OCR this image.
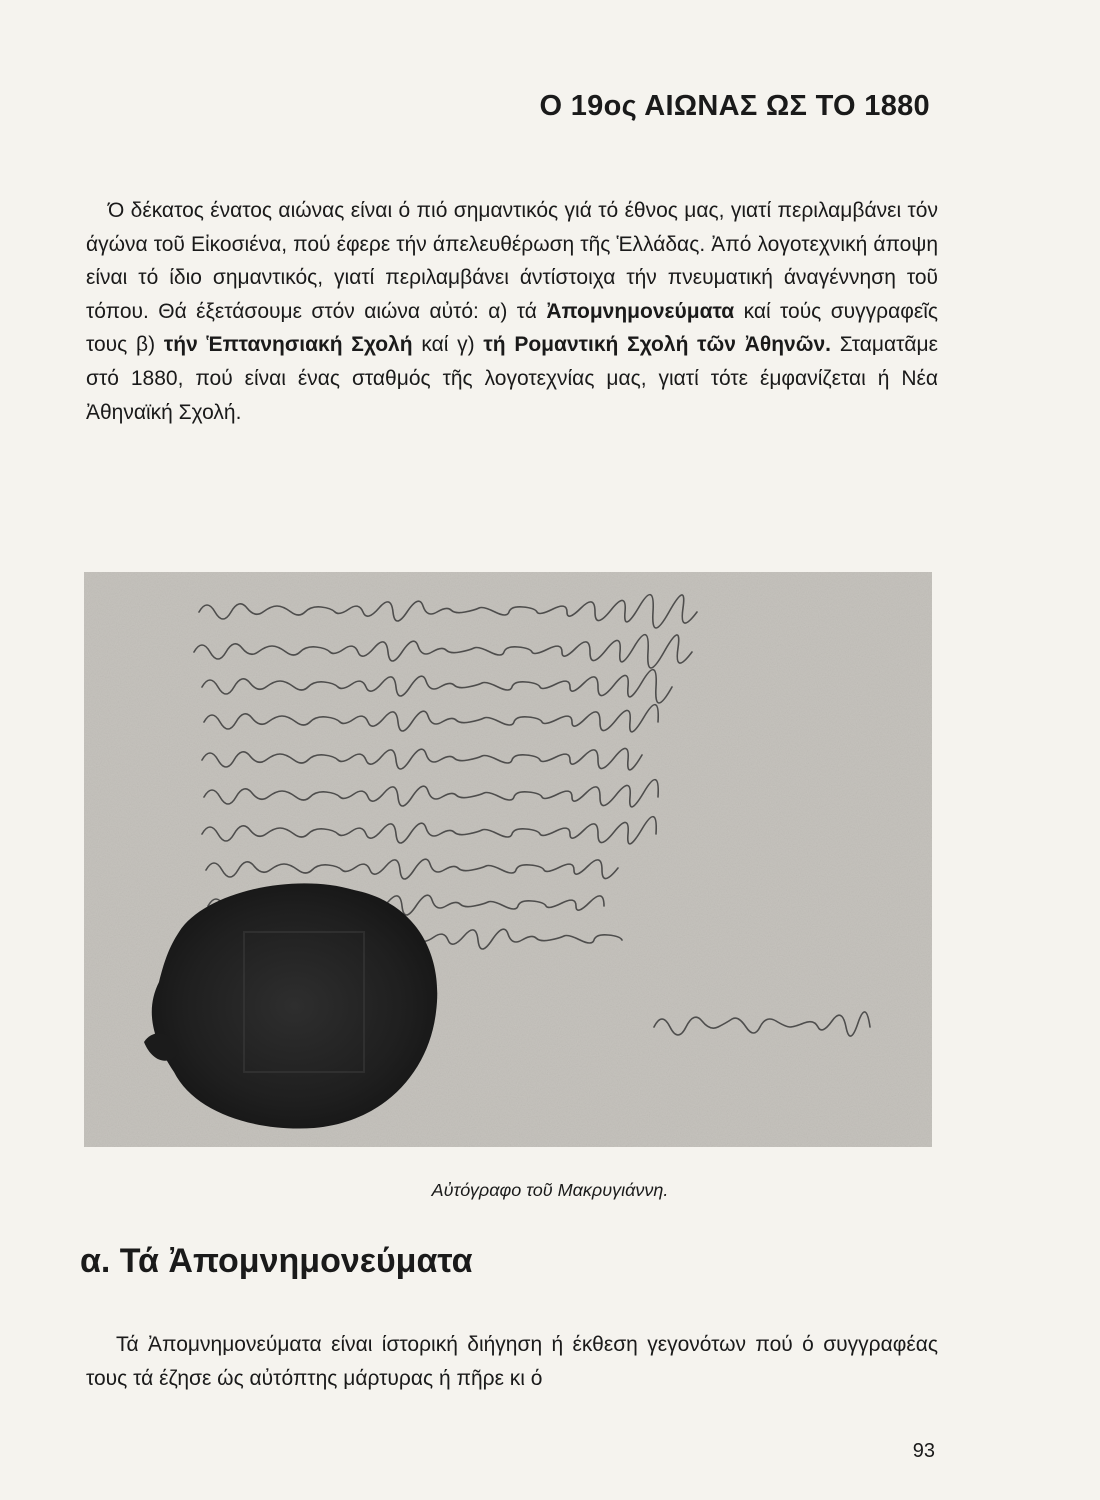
Ο 19ος ΑΙΩΝΑΣ ΩΣ ΤΟ 1880

Ό δέκατος ένατος αιώνας είναι ό πιό σημαντικός γιά τό έθνος μας, γιατί περιλαμβάνει τόν άγώνα τοῦ Εἰκοσιένα, πού έφερε τήν άπελευθέρωση τῆς Ἑλλάδας. Ἀπό λογοτεχνική άποψη είναι τό ίδιο σημαντικός, γιατί περιλαμβάνει άντίστοιχα τήν πνευματική άναγέννηση τοῦ τόπου. Θά έξετάσουμε στόν αιώνα αὐτό: α) τά Ἀπομνημονεύματα καί τούς συγγραφεῖς τους β) τήν Ἑπτανησιακή Σχολή καί γ) τή Ρομαντική Σχολή τῶν Ἀθηνῶν. Σταματᾶμε στό 1880, πού είναι ένας σταθμός τῆς λογοτεχνίας μας, γιατί τότε έμφανίζεται ή Νέα Ἀθηναϊκή Σχολή.

Αὐτόγραφο τοῦ Μακρυγιάννη.
α. Τά Ἀπομνημονεύματα

Τά Ἀπομνημονεύματα είναι ίστορική διήγηση ή έκθεση γεγονότων πού ό συγγραφέας τους τά έζησε ώς αὐτόπτης μάρτυρας ή πῆρε κι ό

93
